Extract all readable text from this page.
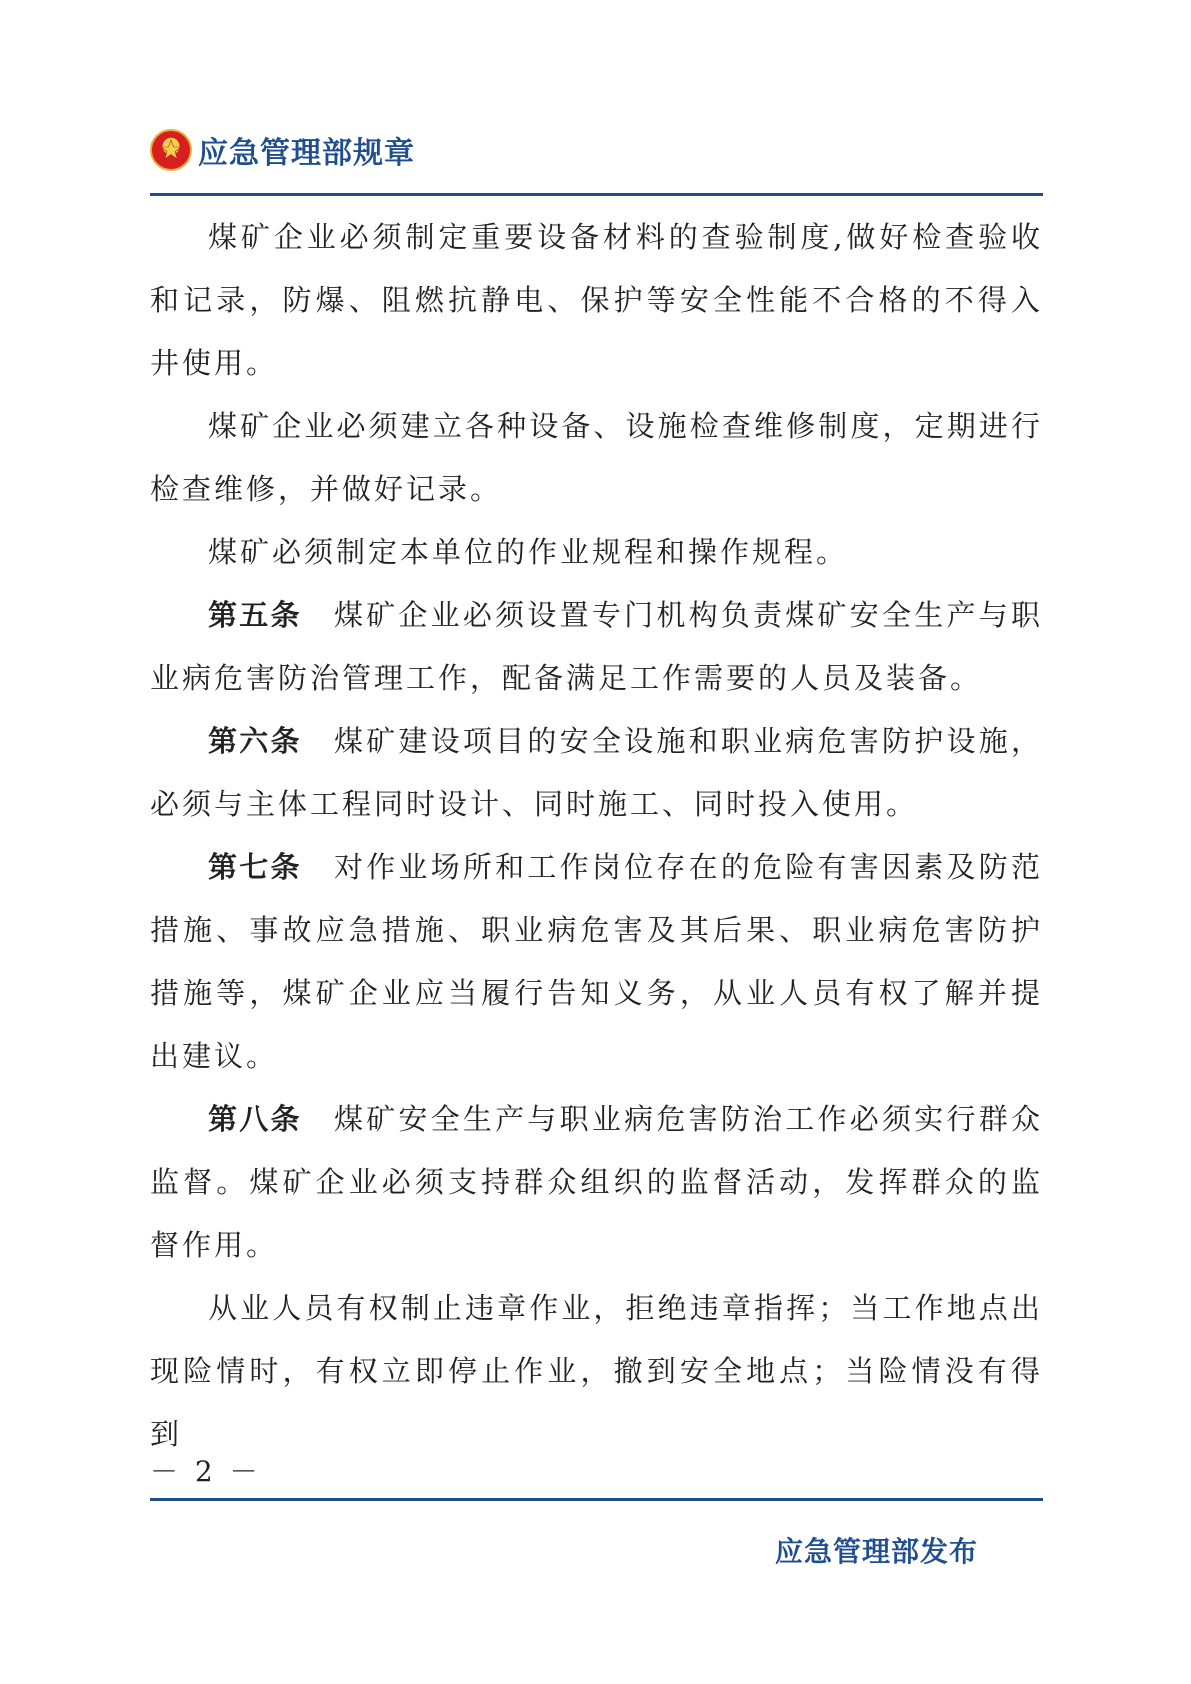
应急管理部规章

煤矿企业必须制定重要设备材料的查验制度,做好检查验收和记录，防爆、阻燃抗静电、保护等安全性能不合格的不得入井使用。

煤矿企业必须建立各种设备、设施检查维修制度，定期进行检查维修，并做好记录。

煤矿必须制定本单位的作业规程和操作规程。

第五条 煤矿企业必须设置专门机构负责煤矿安全生产与职业病危害防治管理工作，配备满足工作需要的人员及装备。

第六条 煤矿建设项目的安全设施和职业病危害防护设施，必须与主体工程同时设计、同时施工、同时投入使用。

第七条 对作业场所和工作岗位存在的危险有害因素及防范措施、事故应急措施、职业病危害及其后果、职业病危害防护措施等，煤矿企业应当履行告知义务，从业人员有权了解并提出建议。

第八条 煤矿安全生产与职业病危害防治工作必须实行群众监督。煤矿企业必须支持群众组织的监督活动，发挥群众的监督作用。

从业人员有权制止违章作业，拒绝违章指挥；当工作地点出现险情时，有权立即停止作业，撤到安全地点；当险情没有得到

－ 2 －
应急管理部发布
